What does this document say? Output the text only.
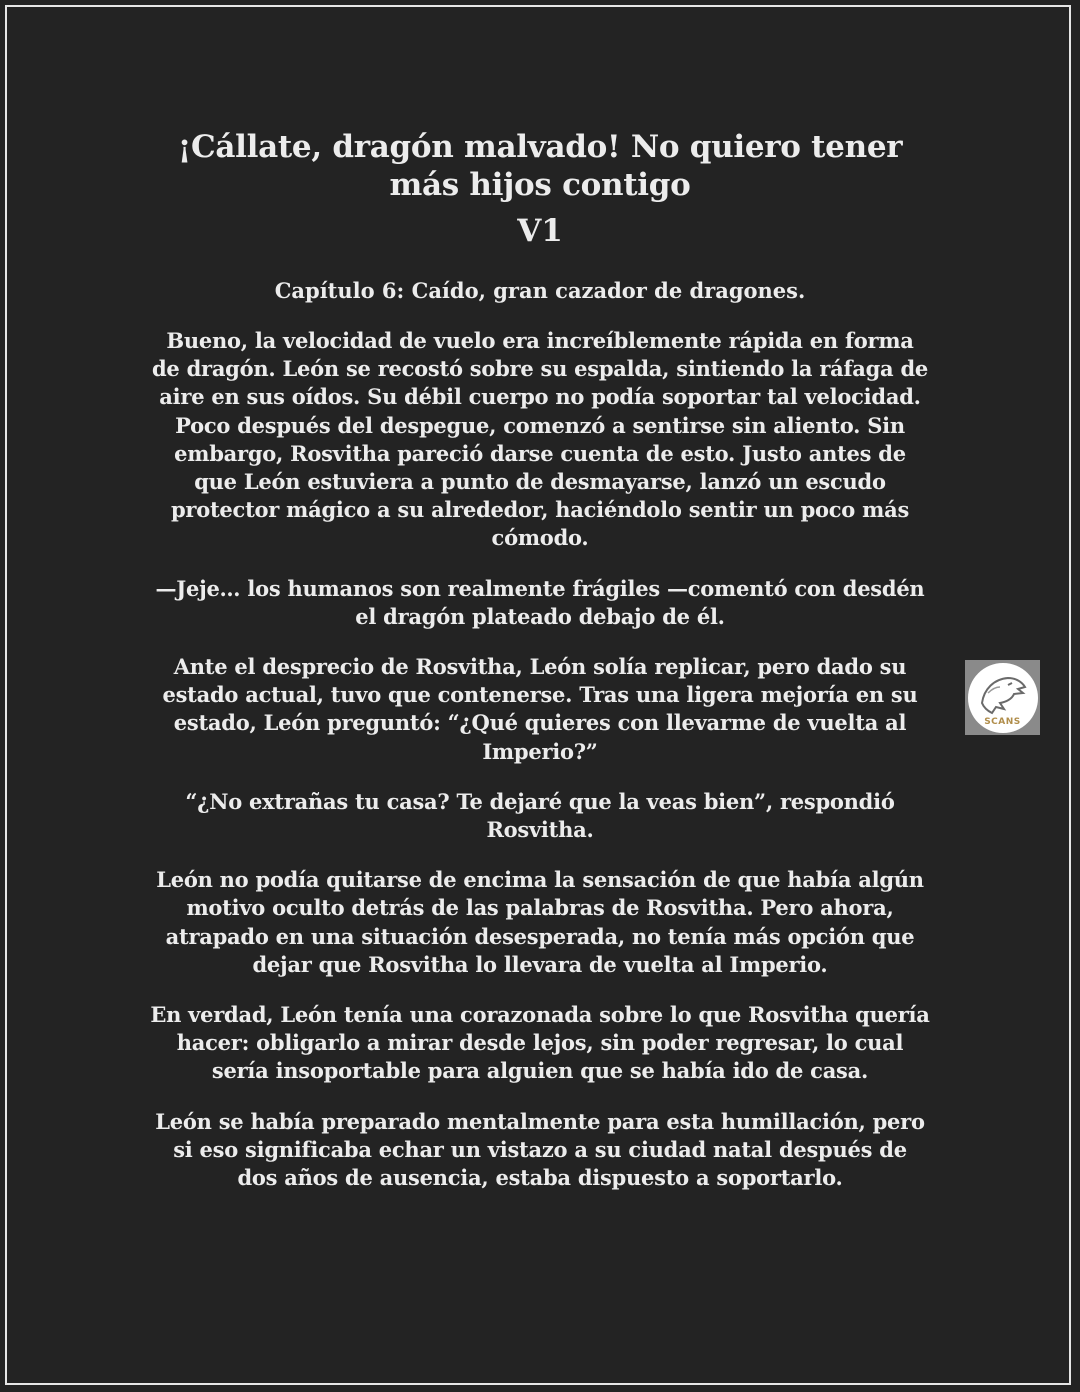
¡Cállate, dragón malvado! No quiero tener más hijos contigo
V1
Capítulo 6: Caído, gran cazador de dragones.

Bueno, la velocidad de vuelo era increíblemente rápida en forma de dragón. León se recostó sobre su espalda, sintiendo la ráfaga de aire en sus oídos. Su débil cuerpo no podía soportar tal velocidad. Poco después del despegue, comenzó a sentirse sin aliento. Sin embargo, Rosvitha pareció darse cuenta de esto. Justo antes de que León estuviera a punto de desmayarse, lanzó un escudo protector mágico a su alrededor, haciéndolo sentir un poco más cómodo.

—Jeje… los humanos son realmente frágiles —comentó con desdén el dragón plateado debajo de él.

Ante el desprecio de Rosvitha, León solía replicar, pero dado su estado actual, tuvo que contenerse. Tras una ligera mejoría en su estado, León preguntó: “¿Qué quieres con llevarme de vuelta al Imperio?”

“¿No extrañas tu casa? Te dejaré que la veas bien”, respondió Rosvitha.

León no podía quitarse de encima la sensación de que había algún motivo oculto detrás de las palabras de Rosvitha. Pero ahora, atrapado en una situación desesperada, no tenía más opción que dejar que Rosvitha lo llevara de vuelta al Imperio.

En verdad, León tenía una corazonada sobre lo que Rosvitha quería hacer: obligarlo a mirar desde lejos, sin poder regresar, lo cual sería insoportable para alguien que se había ido de casa.

León se había preparado mentalmente para esta humillación, pero si eso significaba echar un vistazo a su ciudad natal después de dos años de ausencia, estaba dispuesto a soportarlo.

SCANS
